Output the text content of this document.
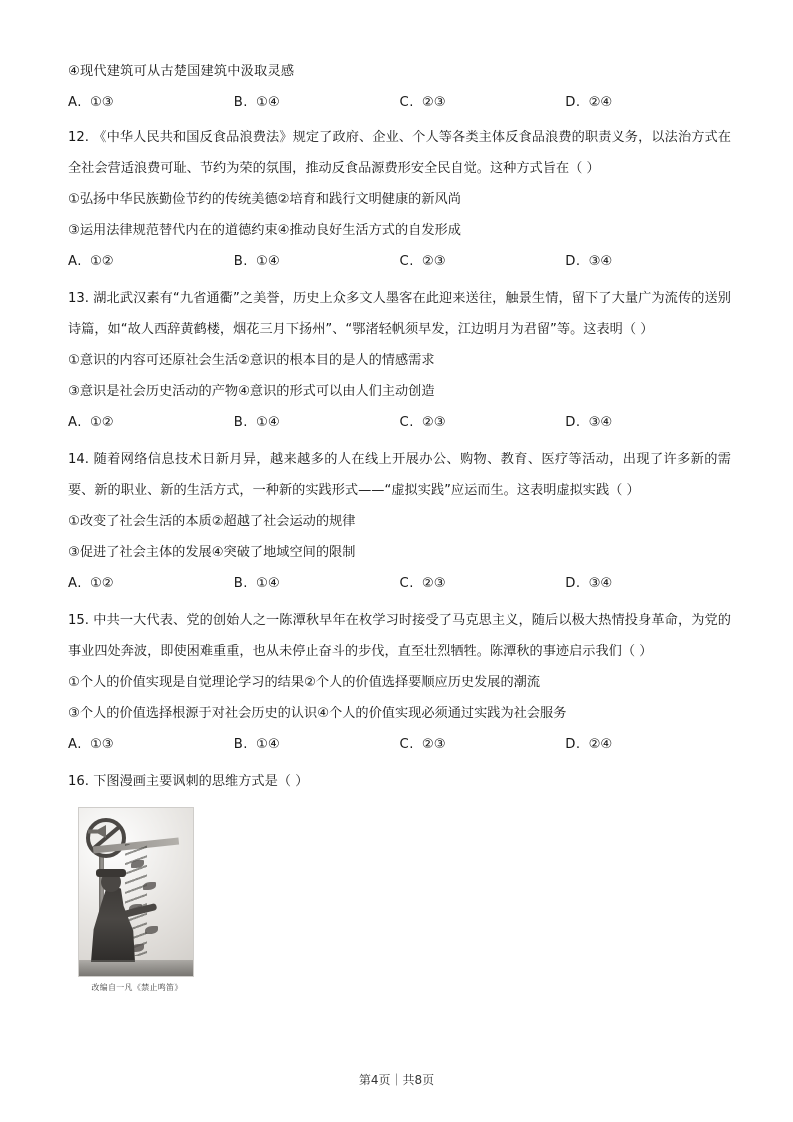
④现代建筑可从古楚国建筑中汲取灵感
A. ①③	B. ①④	C. ②③	D. ②④
12. 《中华人民共和国反食品浪费法》规定了政府、企业、个人等各类主体反食品浪费的职责义务，以法治方式在全社会营适浪费可耻、节约为荣的氛围，推动反食品源费形安全民自觉。这种方式旨在（ ）
①弘扬中华民族勤俭节约的传统美德②培育和践行文明健康的新风尚
③运用法律规范替代内在的道德约束④推动良好生活方式的自发形成
A. ①②	B. ①④	C. ②③	D. ③④
13. 湖北武汉素有“九省通衢”之美誉，历史上众多文人墨客在此迎来送往，触景生情，留下了大量广为流传的送别诗篇，如“故人西辞黄鹤楼，烟花三月下扬州”、“鄂渚轻帆须早发，江边明月为君留”等。这表明（ ）
①意识的内容可还原社会生活②意识的根本目的是人的情感需求
③意识是社会历史活动的产物④意识的形式可以由人们主动创造
A. ①②	B. ①④	C. ②③	D. ③④
14. 随着网络信息技术日新月异，越来越多的人在线上开展办公、购物、教育、医疗等活动，出现了许多新的需要、新的职业、新的生活方式，一种新的实践形式——“虚拟实践”应运而生。这表明虚拟实践（ ）
①改变了社会生活的本质②超越了社会运动的规律
③促进了社会主体的发展④突破了地域空间的限制
A. ①②	B. ①④	C. ②③	D. ③④
15. 中共一大代表、党的创始人之一陈潭秋早年在枚学习时接受了马克思主义，随后以极大热情投身革命，为党的事业四处奔波，即使困难重重，也从未停止奋斗的步伐，直至壮烈牺牲。陈潭秋的事迹启示我们（ ）
①个人的价值实现是自觉理论学习的结果②个人的价值选择要顺应历史发展的潮流
③个人的价值选择根源于对社会历史的认识④个人的价值实现必须通过实践为社会服务
A. ①③	B. ①④	C. ②③	D. ②④
16. 下图漫画主要讽刺的思维方式是（ ）
改编自一凡《禁止鸣笛》
第4页｜共8页
